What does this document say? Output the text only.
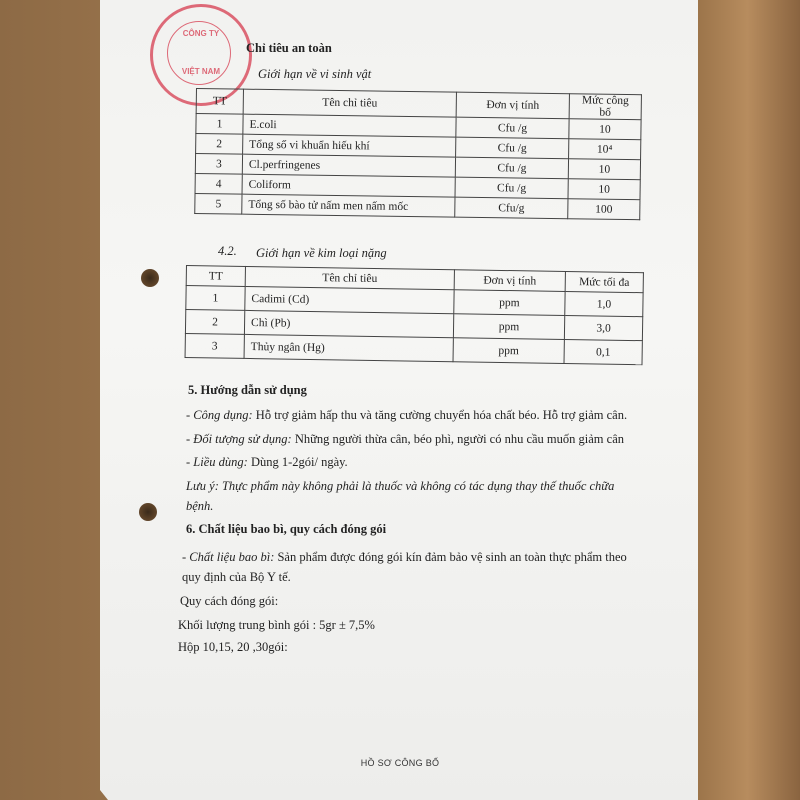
CÔNG TY
VIỆT NAM
Chỉ tiêu an toàn
Giới hạn về vi sinh vật
TT	Tên chỉ tiêu	Đơn vị tính	Mức công bố
1	E.coli	Cfu /g	10
2	Tổng số vi khuẩn hiếu khí	Cfu /g	10⁴
3	Cl.perfringenes	Cfu /g	10
4	Coliform	Cfu /g	10
5	Tổng số bào tử nấm men nấm mốc	Cfu/g	100
4.2. Giới hạn về kim loại nặng
TT	Tên chỉ tiêu	Đơn vị tính	Mức tối đa
1	Cadimi (Cd)	ppm	1,0
2	Chì (Pb)	ppm	3,0
3	Thủy ngân (Hg)	ppm	0,1
5. Hướng dẫn sử dụng
- Công dụng: Hỗ trợ giảm hấp thu và tăng cường chuyển hóa chất béo. Hỗ trợ giảm cân.
- Đối tượng sử dụng: Những người thừa cân, béo phì, người có nhu cầu muốn giảm cân
- Liều dùng: Dùng 1-2gói/ ngày.
Lưu ý: Thực phẩm này không phải là thuốc và không có tác dụng thay thế thuốc chữa
bệnh.
6. Chất liệu bao bì, quy cách đóng gói
- Chất liệu bao bì: Sản phẩm được đóng gói kín đảm bảo vệ sinh an toàn thực phẩm theo
quy định của Bộ Y tế.
Quy cách đóng gói:
Khối lượng trung bình gói : 5gr ± 7,5%
Hộp 10,15, 20 ,30gói:
HỒ SƠ CÔNG BỐ
